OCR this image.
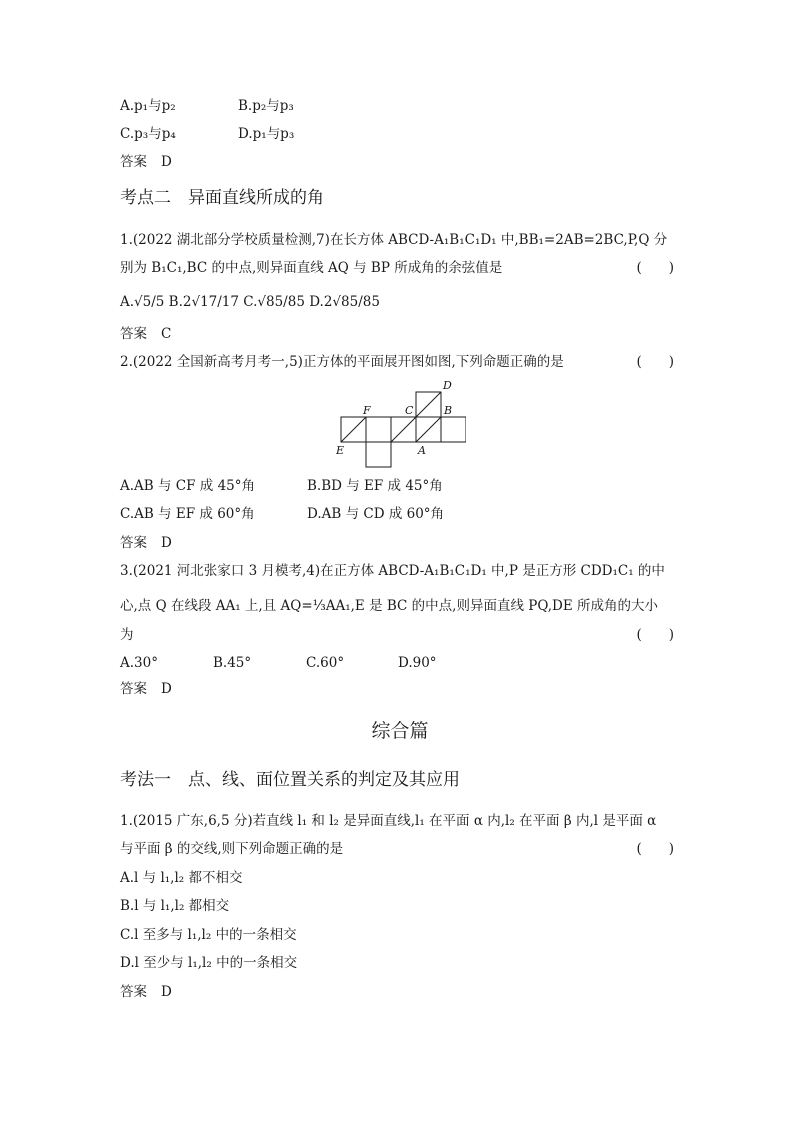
A.p₁与p₂	B.p₂与p₃
C.p₃与p₄	D.p₁与p₃
答案 D
考点二　异面直线所成的角
1.(2022 湖北部分学校质量检测,7)在长方体 ABCD-A₁B₁C₁D₁ 中,BB₁=2AB=2BC,P,Q 分
别为 B₁C₁,BC 的中点,则异面直线 AQ 与 BP 所成角的余弦值是	(　　)
A.√5/5 B.2√17/17 C.√85/85 D.2√85/85
答案 C
2.(2022 全国新高考月考一,5)正方体的平面展开图如图,下列命题正确的是	(　　)
D
F	C	B
E	A
A.AB 与 CF 成 45°角	B.BD 与 EF 成 45°角
C.AB 与 EF 成 60°角	D.AB 与 CD 成 60°角
答案 D
3.(2021 河北张家口 3 月模考,4)在正方体 ABCD-A₁B₁C₁D₁ 中,P 是正方形 CDD₁C₁ 的中
心,点 Q 在线段 AA₁ 上,且 AQ=⅓AA₁,E 是 BC 的中点,则异面直线 PQ,DE 所成角的大小
为	(　　)
A.30°	B.45°	C.60°	D.90°
答案 D
综合篇
考法一　点、线、面位置关系的判定及其应用
1.(2015 广东,6,5 分)若直线 l₁ 和 l₂ 是异面直线,l₁ 在平面 α 内,l₂ 在平面 β 内,l 是平面 α
与平面 β 的交线,则下列命题正确的是	(　　)
A.l 与 l₁,l₂ 都不相交
B.l 与 l₁,l₂ 都相交
C.l 至多与 l₁,l₂ 中的一条相交
D.l 至少与 l₁,l₂ 中的一条相交
答案 D
